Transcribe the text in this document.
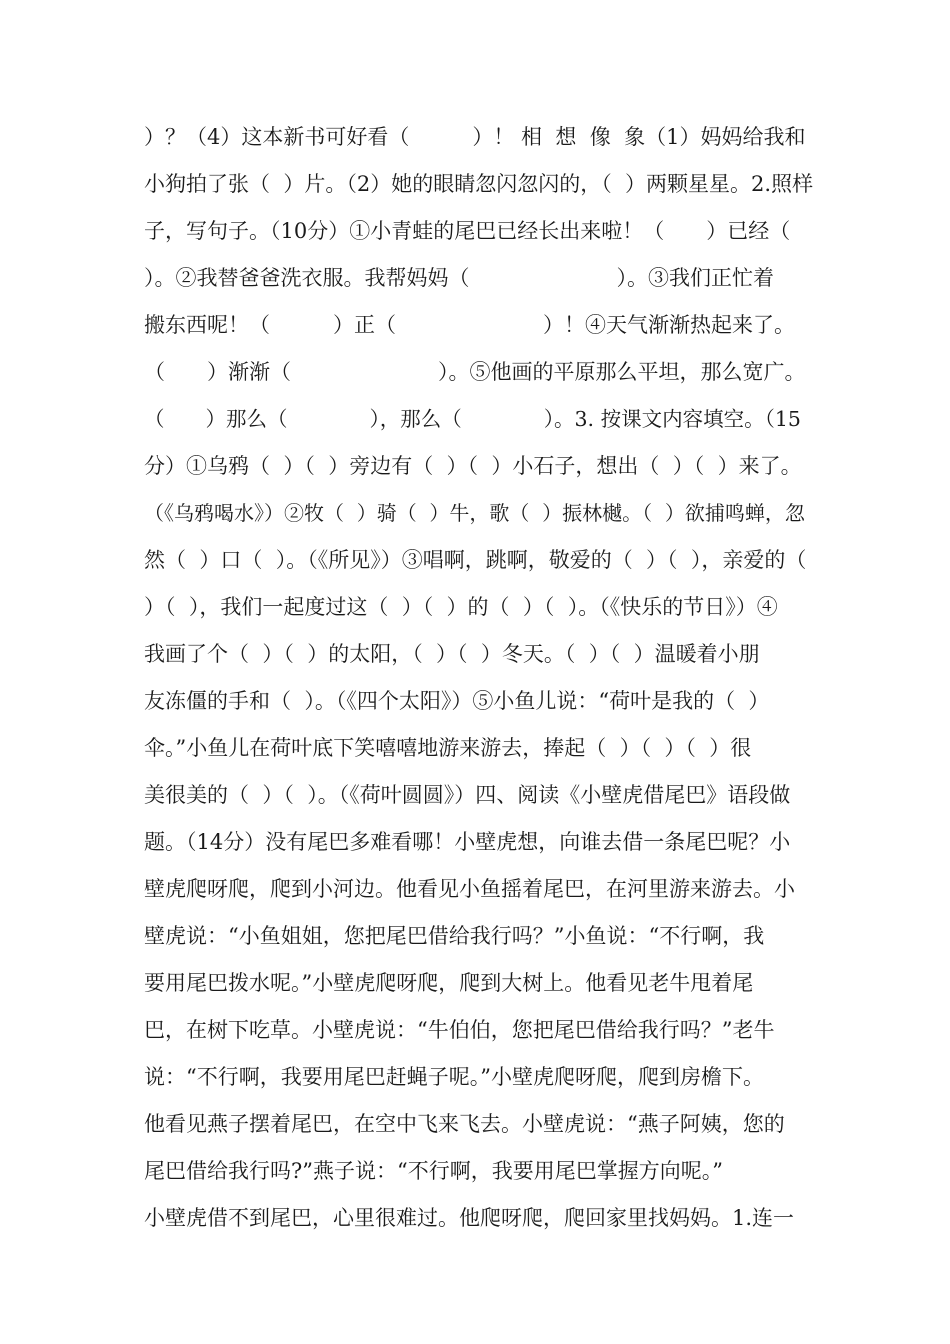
）？（4）这本新书可好看（　　　）！ 相  想  像  象（1）妈妈给我和
小狗拍了张（  ）片。（2）她的眼睛忽闪忽闪的，（  ）两颗星星。2.照样
子，写句子。（10分）①小青蛙的尾巴已经长出来啦！（　　）已经（
）。②我替爸爸洗衣服。我帮妈妈（　　　　　　　）。③我们正忙着
搬东西呢！（　　　）正（　　　　　　　）！④天气渐渐热起来了。
（　　）渐渐（　　　　　　　）。⑤他画的平原那么平坦，那么宽广。
（　　）那么（　　　　），那么（　　　　）。3. 按课文内容填空。（15
分）①乌鸦（  ）（  ）旁边有（  ）（  ）小石子，想出（  ）（  ）来了。
（《乌鸦喝水》）②牧（  ）骑（  ）牛，歌（  ）振林樾。（  ）欲捕鸣蝉，忽
然（  ）口（  ）。（《所见》）③唱啊，跳啊，敬爱的（  ）（  ），亲爱的（
）（  ），我们一起度过这（  ）（  ）的（  ）（  ）。（《快乐的节日》）④
我画了个（  ）（  ）的太阳，（  ）（  ）冬天。（  ）（  ）温暖着小朋
友冻僵的手和（  ）。（《四个太阳》）⑤小鱼儿说：“荷叶是我的（  ）
伞。”小鱼儿在荷叶底下笑嘻嘻地游来游去，捧起（  ）（  ）（  ）很
美很美的（  ）（  ）。（《荷叶圆圆》）四、阅读《小壁虎借尾巴》语段做
题。（14分）没有尾巴多难看哪！小壁虎想，向谁去借一条尾巴呢？小
壁虎爬呀爬，爬到小河边。他看见小鱼摇着尾巴，在河里游来游去。小
壁虎说：“小鱼姐姐，您把尾巴借给我行吗？”小鱼说：“不行啊，我
要用尾巴拨水呢。”小壁虎爬呀爬，爬到大树上。他看见老牛甩着尾
巴，在树下吃草。小壁虎说：“牛伯伯，您把尾巴借给我行吗？”老牛
说：“不行啊，我要用尾巴赶蝇子呢。”小壁虎爬呀爬，爬到房檐下。
他看见燕子摆着尾巴，在空中飞来飞去。小壁虎说：“燕子阿姨，您的
尾巴借给我行吗?”燕子说：“不行啊，我要用尾巴掌握方向呢。”
小壁虎借不到尾巴，心里很难过。他爬呀爬，爬回家里找妈妈。1.连一
